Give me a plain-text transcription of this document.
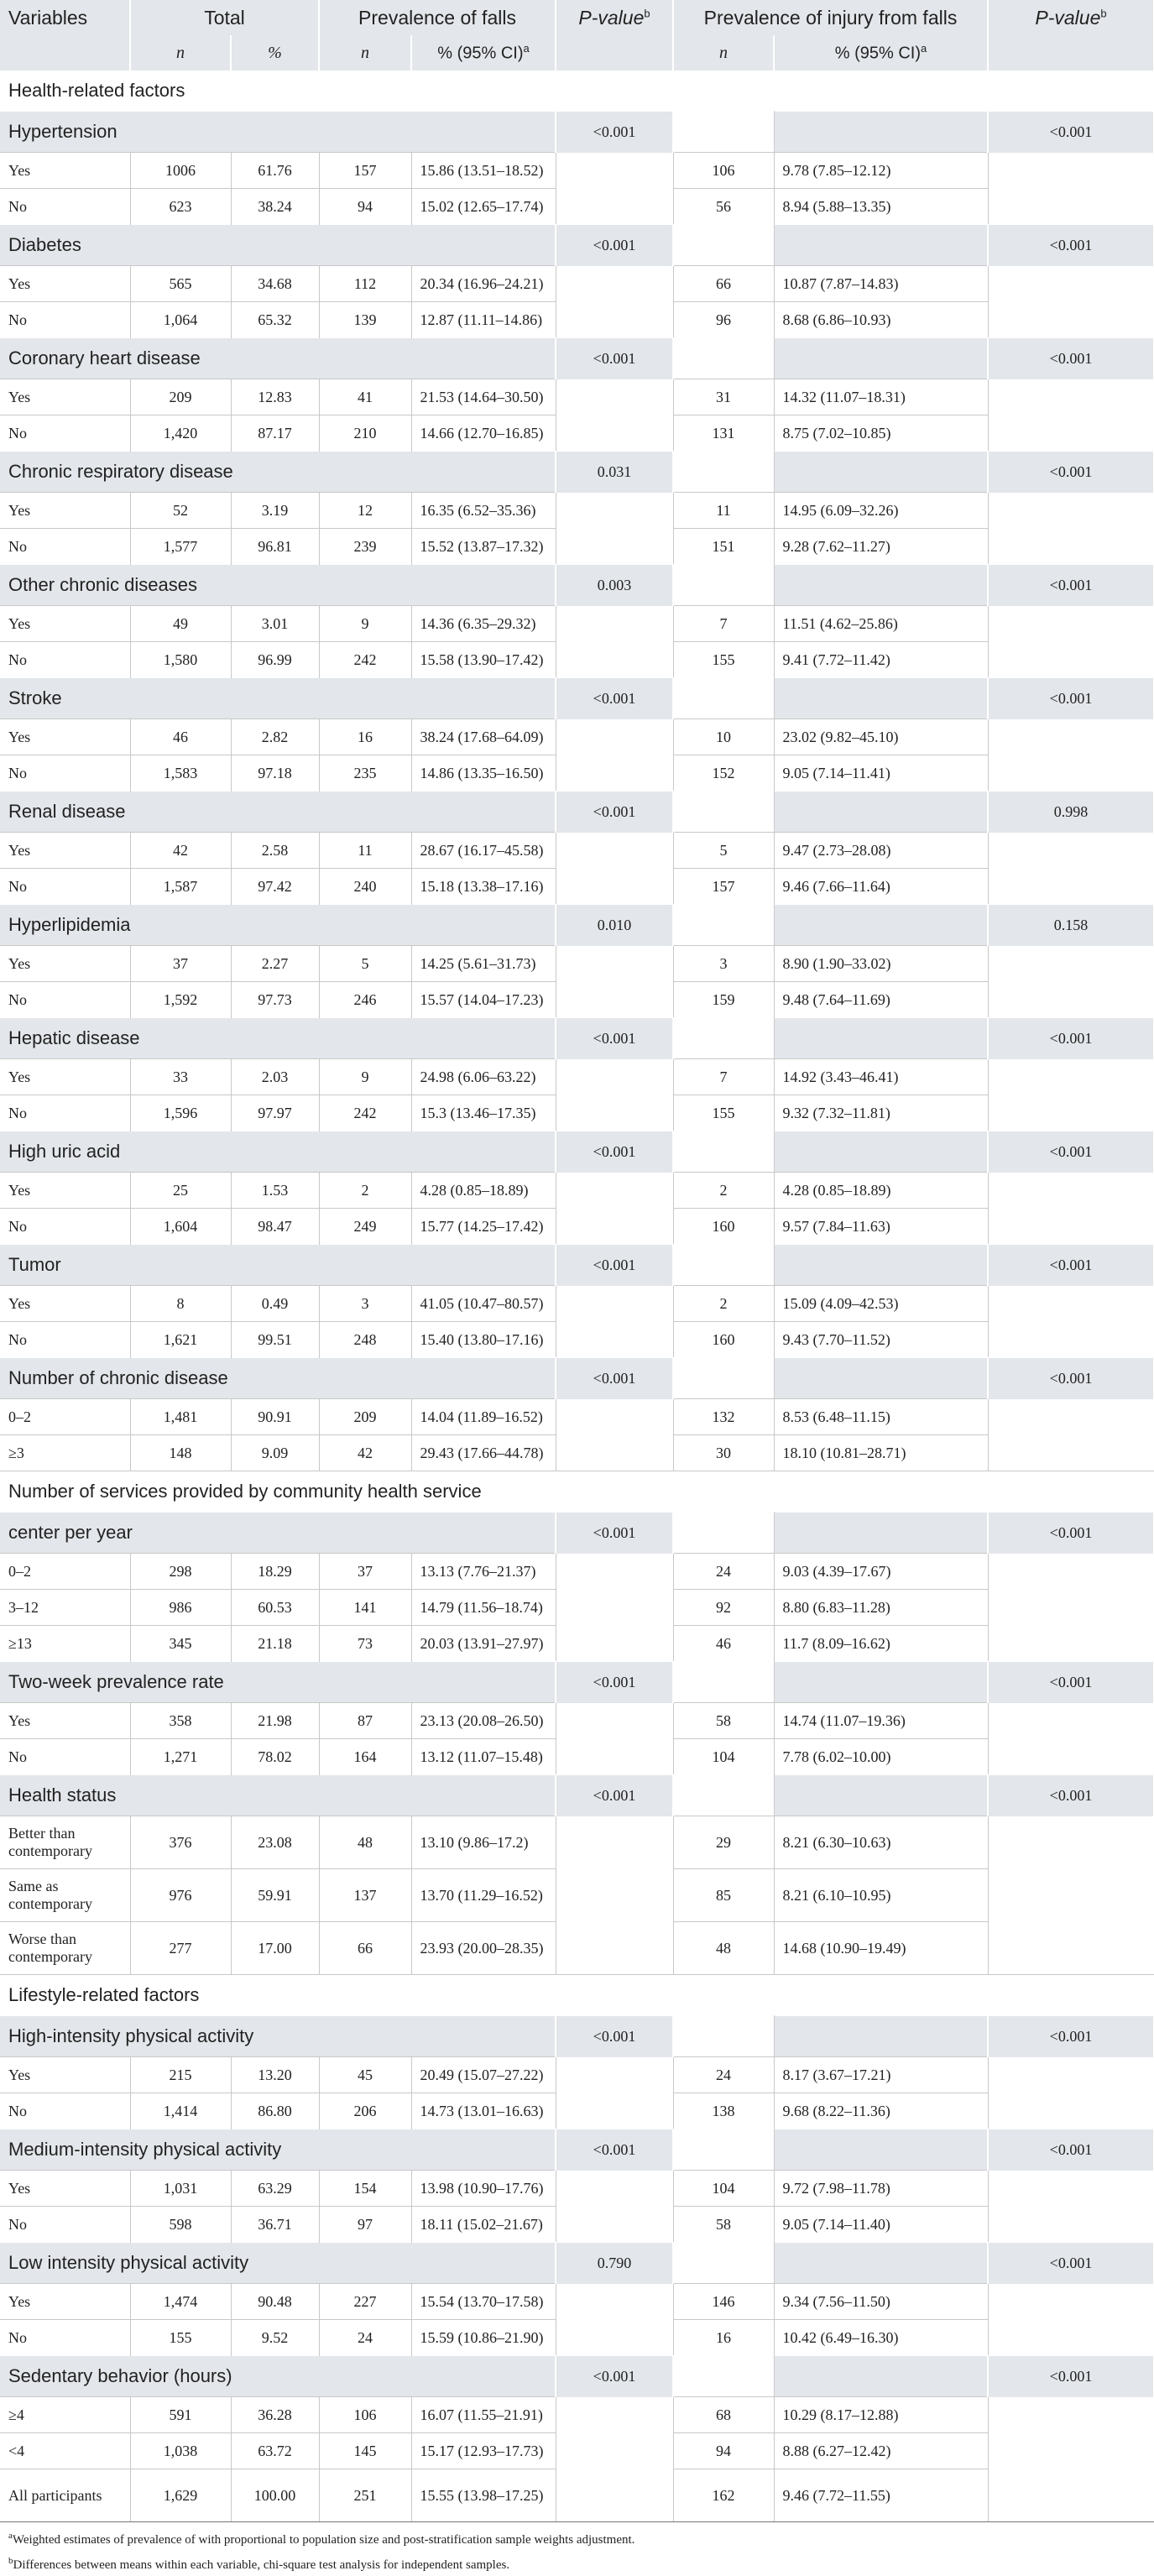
Variables	Total		Prevalence of falls		P-value$^b$	Prevalence of injury from falls		P-value$^b$
	n	%	n	% (95% CI)$^a$		n	% (95% CI)$^a$	
Health-related factors								
Hypertension					<0.001			<0.001
Yes	1006	61.76	157	15.86 (13.51–18.52)		106	9.78 (7.85–12.12)	
No	623	38.24	94	15.02 (12.65–17.74)		56	8.94 (5.88–13.35)	
Diabetes					<0.001			<0.001
Yes	565	34.68	112	20.34 (16.96–24.21)		66	10.87 (7.87–14.83)	
No	1,064	65.32	139	12.87 (11.11–14.86)		96	8.68 (6.86–10.93)	
Coronary heart disease					<0.001			<0.001
Yes	209	12.83	41	21.53 (14.64–30.50)		31	14.32 (11.07–18.31)	
No	1,420	87.17	210	14.66 (12.70–16.85)		131	8.75 (7.02–10.85)	
Chronic respiratory disease					0.031			<0.001
Yes	52	3.19	12	16.35 (6.52–35.36)		11	14.95 (6.09–32.26)	
No	1,577	96.81	239	15.52 (13.87–17.32)		151	9.28 (7.62–11.27)	
Other chronic diseases					0.003			<0.001
Yes	49	3.01	9	14.36 (6.35–29.32)		7	11.51 (4.62–25.86)	
No	1,580	96.99	242	15.58 (13.90–17.42)		155	9.41 (7.72–11.42)	
Stroke					<0.001			<0.001
Yes	46	2.82	16	38.24 (17.68–64.09)		10	23.02 (9.82–45.10)	
No	1,583	97.18	235	14.86 (13.35–16.50)		152	9.05 (7.14–11.41)	
Renal disease					<0.001			0.998
Yes	42	2.58	11	28.67 (16.17–45.58)		5	9.47 (2.73–28.08)	
No	1,587	97.42	240	15.18 (13.38–17.16)		157	9.46 (7.66–11.64)	
Hyperlipidemia					0.010			0.158
Yes	37	2.27	5	14.25 (5.61–31.73)		3	8.90 (1.90–33.02)	
No	1,592	97.73	246	15.57 (14.04–17.23)		159	9.48 (7.64–11.69)	
Hepatic disease					<0.001			<0.001
Yes	33	2.03	9	24.98 (6.06–63.22)		7	14.92 (3.43–46.41)	
No	1,596	97.97	242	15.3 (13.46–17.35)		155	9.32 (7.32–11.81)	
High uric acid					<0.001			<0.001
Yes	25	1.53	2	4.28 (0.85–18.89)		2	4.28 (0.85–18.89)	
No	1,604	98.47	249	15.77 (14.25–17.42)		160	9.57 (7.84–11.63)	
Tumor					<0.001			<0.001
Yes	8	0.49	3	41.05 (10.47–80.57)		2	15.09 (4.09–42.53)	
No	1,621	99.51	248	15.40 (13.80–17.16)		160	9.43 (7.70–11.52)	
Number of chronic disease					<0.001			<0.001
0–2	1,481	90.91	209	14.04 (11.89–16.52)		132	8.53 (6.48–11.15)	
≥3	148	9.09	42	29.43 (17.66–44.78)		30	18.10 (10.81–28.71)	
Number of services provided by community health service								
center per year					<0.001			<0.001
0–2	298	18.29	37	13.13 (7.76–21.37)		24	9.03 (4.39–17.67)	
3–12	986	60.53	141	14.79 (11.56–18.74)		92	8.80 (6.83–11.28)	
≥13	345	21.18	73	20.03 (13.91–27.97)		46	11.7 (8.09–16.62)	
Two-week prevalence rate					<0.001			<0.001
Yes	358	21.98	87	23.13 (20.08–26.50)		58	14.74 (11.07–19.36)	
No	1,271	78.02	164	13.12 (11.07–15.48)		104	7.78 (6.02–10.00)	
Health status					<0.001			<0.001
Better than contemporary	376	23.08	48	13.10 (9.86–17.2)		29	8.21 (6.30–10.63)	
Same as contemporary	976	59.91	137	13.70 (11.29–16.52)		85	8.21 (6.10–10.95)	
Worse than contemporary	277	17.00	66	23.93 (20.00–28.35)		48	14.68 (10.90–19.49)	
Lifestyle-related factors								
High-intensity physical activity					<0.001			<0.001
Yes	215	13.20	45	20.49 (15.07–27.22)		24	8.17 (3.67–17.21)	
No	1,414	86.80	206	14.73 (13.01–16.63)		138	9.68 (8.22–11.36)	
Medium-intensity physical activity					<0.001			<0.001
Yes	1,031	63.29	154	13.98 (10.90–17.76)		104	9.72 (7.98–11.78)	
No	598	36.71	97	18.11 (15.02–21.67)		58	9.05 (7.14–11.40)	
Low intensity physical activity					0.790			<0.001
Yes	1,474	90.48	227	15.54 (13.70–17.58)		146	9.34 (7.56–11.50)	
No	155	9.52	24	15.59 (10.86–21.90)		16	10.42 (6.49–16.30)	
Sedentary behavior (hours)					<0.001			<0.001
≥4	591	36.28	106	16.07 (11.55–21.91)		68	10.29 (8.17–12.88)	
<4	1,038	63.72	145	15.17 (12.93–17.73)		94	8.88 (6.27–12.42)	
All participants	1,629	100.00	251	15.55 (13.98–17.25)		162	9.46 (7.72–11.55)	
$^a$Weighted estimates of prevalence of with proportional to population size and post-stratification sample weights adjustment.
$^b$Differences between means within each variable, chi-square test analysis for independent samples.
